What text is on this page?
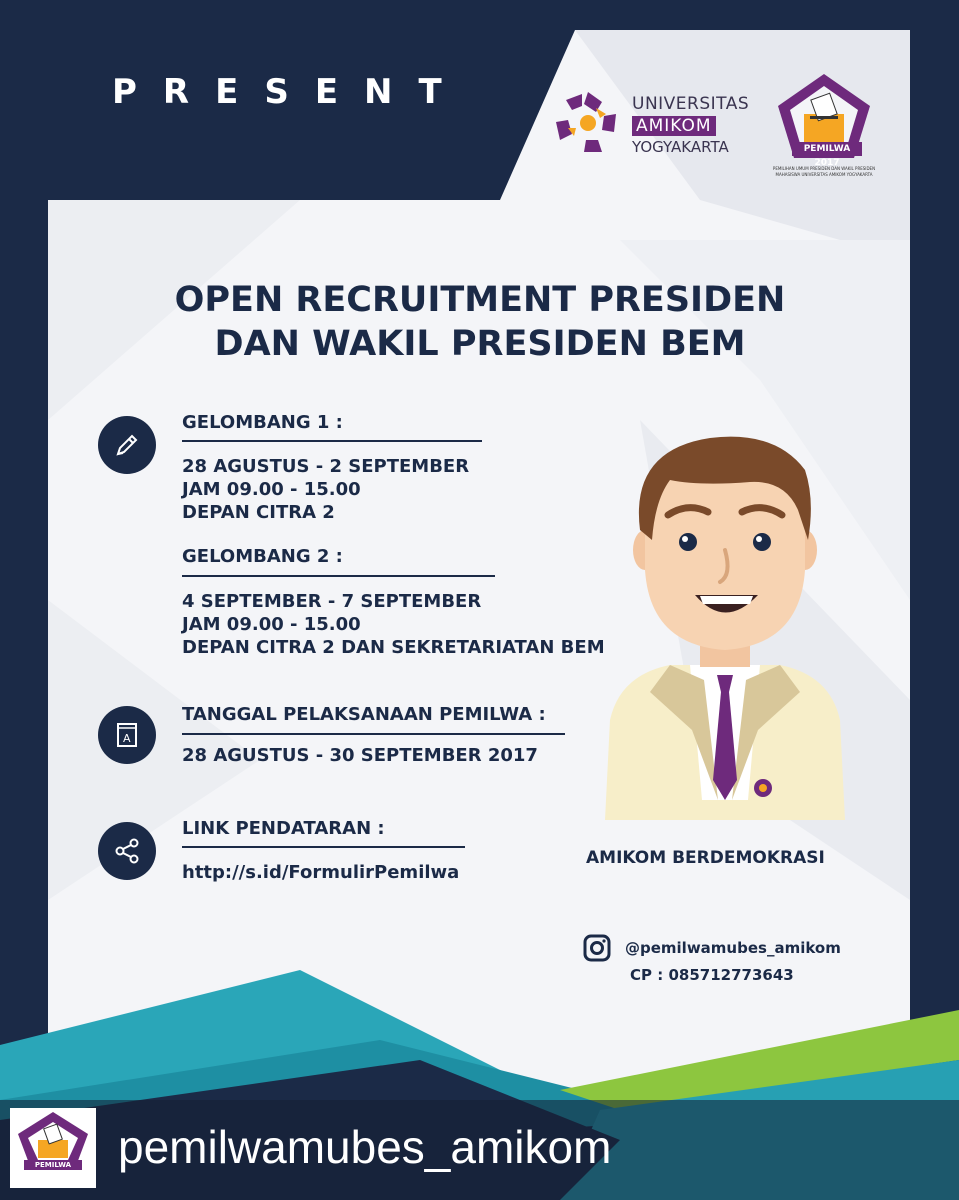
PRESENT	UNIVERSITAS
AMIKOM
YOGYAKARTA	PEMILWA 2017
PEMILIHAN UMUM PRESIDEN DAN WAKIL PRESIDEN MAHASISWA UNIVERSITAS AMIKOM YOGYAKARTA
OPEN RECRUITMENT PRESIDEN
DAN WAKIL PRESIDEN BEM
GELOMBANG 1 :
28 AGUSTUS - 2 SEPTEMBER
JAM 09.00 - 15.00
DEPAN CITRA 2
GELOMBANG 2 :
4 SEPTEMBER - 7 SEPTEMBER
JAM 09.00 - 15.00
DEPAN CITRA 2 DAN SEKRETARIATAN BEM
A
TANGGAL PELAKSANAAN PEMILWA :
28 AGUSTUS - 30 SEPTEMBER 2017
LINK PENDATARAN :
http://s.id/FormulirPemilwa
AMIKOM BERDEMOKRASI
@pemilwamubes_amikom
CP : 085712773643
PEMILWA 2017
pemilwamubes_amikom
